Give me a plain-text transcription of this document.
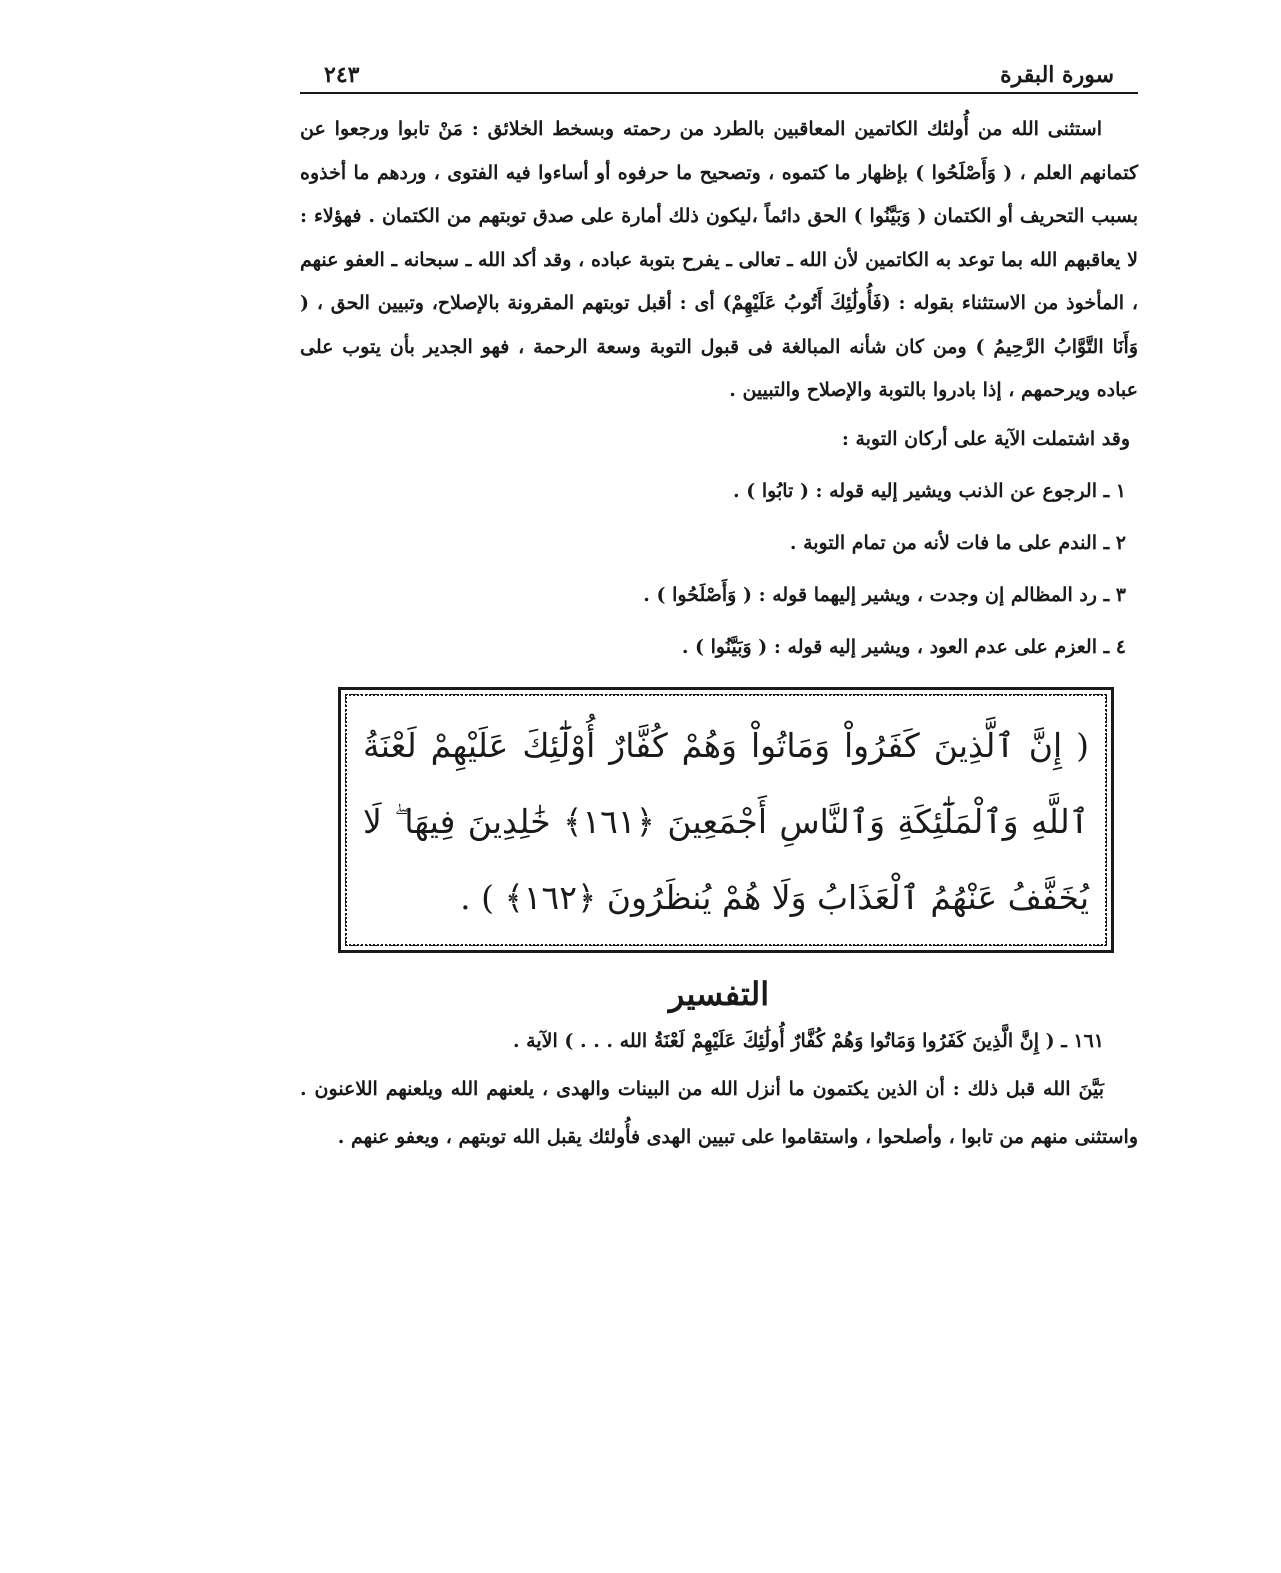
سورة البقرة
٢٤٣

استثنى الله من أُولئك الكاتمين المعاقبين بالطرد من رحمته وبسخط الخلائق : مَنْ تابوا ورجعوا عن كتمانهم العلم ، ( وَأَصْلَحُوا ) بإظهار ما كتموه ، وتصحيح ما حرفوه أو أساءوا فيه الفتوى ، وردهم ما أخذوه بسبب التحريف أو الكتمان ( وَبَيَّنُوا ) الحق دائماً ،ليكون ذلك أمارة على صدق توبتهم من الكتمان . فهؤلاء : لا يعاقبهم الله بما توعد به الكاتمين لأن الله ـ تعالى ـ يفرح بتوبة عباده ، وقد أكد الله ـ سبحانه ـ العفو عنهم ، المأخوذ من الاستثناء بقوله : (فَأُولَٰئِكَ أَتُوبُ عَلَيْهِمْ) أى : أقبل توبتهم المقرونة بالإصلاح، وتبيين الحق ، ( وَأَنَا التَّوَّابُ الرَّحِيمُ ) ومن كان شأنه المبالغة فى قبول التوبة وسعة الرحمة ، فهو الجدير بأن يتوب على عباده ويرحمهم ، إذا بادروا بالتوبة والإصلاح والتبيين .

وقد اشتملت الآية على أركان التوبة :

١ ـ الرجوع عن الذنب ويشير إليه قوله : ( تابُوا ) .
٢ ـ الندم على ما فات لأنه من تمام التوبة .
٣ ـ رد المظالم إن وجدت ، ويشير إليهما قوله : ( وَأَصْلَحُوا ) .
٤ ـ العزم على عدم العود ، ويشير إليه قوله : ( وَبَيَّنُوا ) .
( إِنَّ ٱلَّذِينَ كَفَرُواْ وَمَاتُواْ وَهُمْ كُفَّارٌ أُوْلَٰٓئِكَ عَلَيْهِمْ لَعْنَةُ ٱللَّهِ وَٱلْمَلَٰٓئِكَةِ وَٱلنَّاسِ أَجْمَعِينَ ﴿١٦١﴾ خَٰلِدِينَ فِيهَا ۖ لَا يُخَفَّفُ عَنْهُمُ ٱلْعَذَابُ وَلَا هُمْ يُنظَرُونَ ﴿١٦٢﴾ ) .
التفسير

١٦١ ـ ( إِنَّ الَّذِينَ كَفَرُوا وَمَاتُوا وَهُمْ كُفَّارٌ أُولَٰئِكَ عَلَيْهِمْ لَعْنَةُ الله . . . ) الآية .

بَيَّنَ الله قبل ذلك : أن الذين يكتمون ما أنزل الله من البينات والهدى ، يلعنهم الله ويلعنهم اللاعنون . واستثنى منهم من تابوا ، وأصلحوا ، واستقاموا على تبيين الهدى فأُولئك يقبل الله توبتهم ، ويعفو عنهم .
